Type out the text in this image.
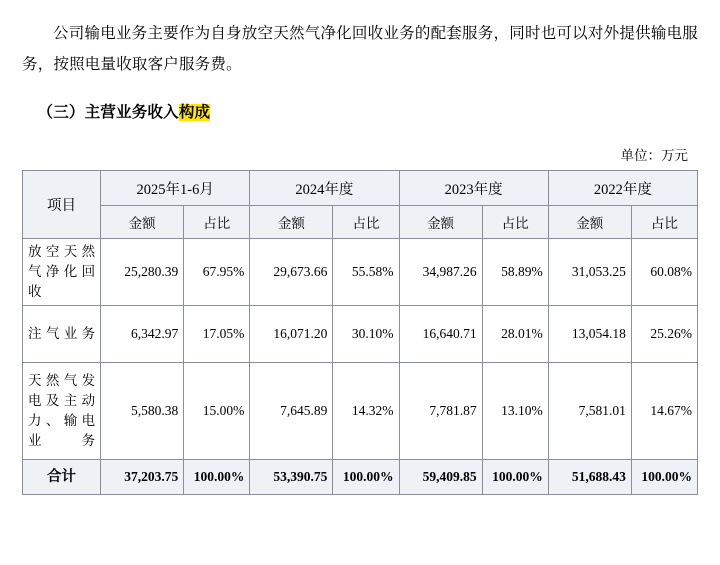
公司输电业务主要作为自身放空天然气净化回收业务的配套服务，同时也可以对外提供输电服务，按照电量收取客户服务费。

（三）主营业务收入构成
单位：万元
项目	2025年1-6月		2024年度		2023年度		2022年度	
	金额	占比	金额	占比	金额	占比	金额	占比
放空天然气净化回收	25,280.39	67.95%	29,673.66	55.58%	34,987.26	58.89%	31,053.25	60.08%
注气业务	6,342.97	17.05%	16,071.20	30.10%	16,640.71	28.01%	13,054.18	25.26%
天然气发电及主动力、输电业务	5,580.38	15.00%	7,645.89	14.32%	7,781.87	13.10%	7,581.01	14.67%
合计	37,203.75	100.00%	53,390.75	100.00%	59,409.85	100.00%	51,688.43	100.00%
